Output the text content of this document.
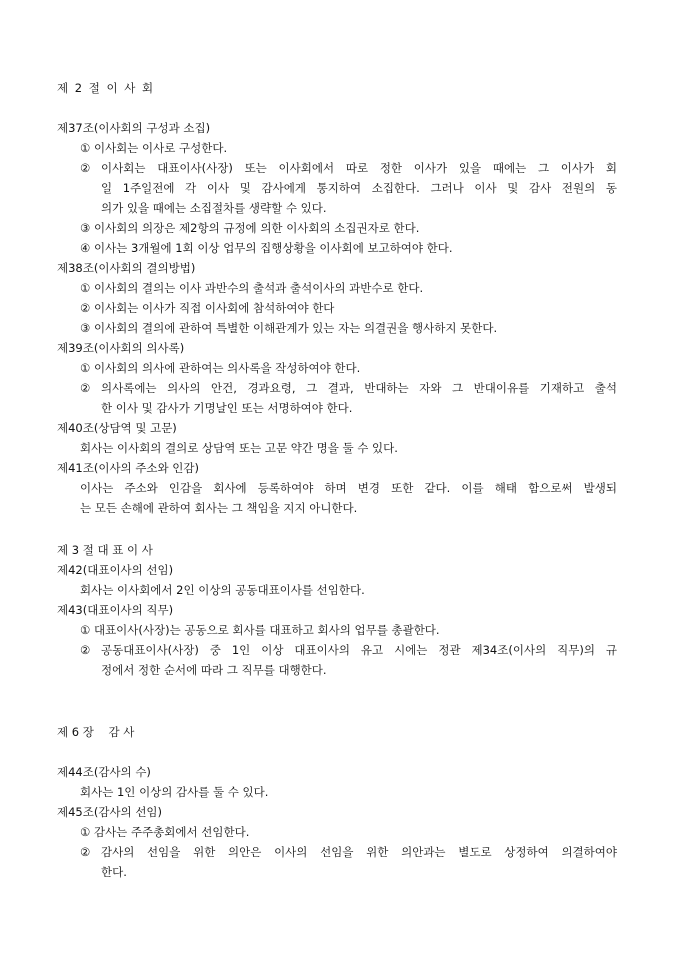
제 2 절 이 사 회
제37조(이사회의 구성과 소집)
① 이사회는 이사로 구성한다.
② 이사회는 대표이사(사장) 또는 이사회에서 따로 정한 이사가 있을 때에는 그 이사가 회
일 1주일전에 각 이사 및 감사에게 통지하여 소집한다. 그러나 이사 및 감사 전원의 동
의가 있을 때에는 소집절차를 생략할 수 있다.
③ 이사회의 의장은 제2항의 규정에 의한 이사회의 소집권자로 한다.
④ 이사는 3개월에 1회 이상 업무의 집행상황을 이사회에 보고하여야 한다.
제38조(이사회의 결의방법)
① 이사회의 결의는 이사 과반수의 출석과 출석이사의 과반수로 한다.
② 이사회는 이사가 직접 이사회에 참석하여야 한다
③ 이사회의 결의에 관하여 특별한 이해관계가 있는 자는 의결권을 행사하지 못한다.
제39조(이사회의 의사록)
① 이사회의 의사에 관하여는 의사록을 작성하여야 한다.
② 의사록에는 의사의 안건, 경과요령, 그 결과, 반대하는 자와 그 반대이유를 기재하고 출석
한 이사 및 감사가 기명날인 또는 서명하여야 한다.
제40조(상담역 및 고문)
회사는 이사회의 결의로 상담역 또는 고문 약간 명을 둘 수 있다.
제41조(이사의 주소와 인감)
이사는 주소와 인감을 회사에 등록하여야 하며 변경 또한 같다. 이를 해태 함으로써 발생되
는 모든 손해에 관하여 회사는 그 책임을 지지 아니한다.
제 3 절 대 표 이 사
제42(대표이사의 선임)
회사는 이사회에서 2인 이상의 공동대표이사를 선임한다.
제43(대표이사의 직무)
① 대표이사(사장)는 공동으로 회사를 대표하고 회사의 업무를 총괄한다.
② 공동대표이사(사장) 중 1인 이상 대표이사의 유고 시에는 정관 제34조(이사의 직무)의 규
정에서 정한 순서에 따라 그 직무를 대행한다.
제 6 장    감 사
제44조(감사의 수)
회사는 1인 이상의 감사를 둘 수 있다.
제45조(감사의 선임)
① 감사는 주주총회에서 선임한다.
② 감사의 선임을 위한 의안은 이사의 선임을 위한 의안과는 별도로 상정하여 의결하여야
한다.
